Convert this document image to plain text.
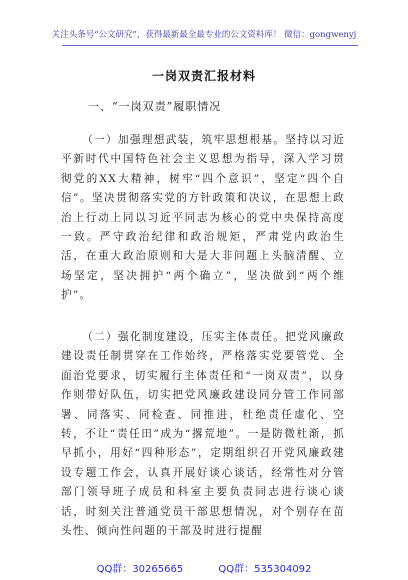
关注头条号“公文研究”，获得最新最全最专业的公文资料库！ 微信：gongwenyj
一岗双责汇报材料
一、“一岗双责”履职情况

（一）加强理想武装，筑牢思想根基。坚持以习近平新时代中国特色社会主义思想为指导，深入学习贯彻党的XX大精神，树牢“四个意识”，坚定“四个自信”。坚决贯彻落实党的方针政策和决议，在思想上政治上行动上同以习近平同志为核心的党中央保持高度一致。严守政治纪律和政治规矩，严肃党内政治生活，在重大政治原则和大是大非问题上头脑清醒、立场坚定，坚决拥护“两个确立”，坚决做到“两个维护”。

（二）强化制度建设，压实主体责任。把党风廉政建设责任制贯穿在工作始终，严格落实党要管党、全面治党要求，切实履行主体责任和“一岗双责”，以身作则带好队伍，切实把党风廉政建设同分管工作同部署、同落实、同检查、同推进，杜绝责任虚化、空转，不让“责任田”成为“撂荒地”。一是防微杜渐，抓早抓小，用好“四种形态”，定期组织召开党风廉政建设专题工作会，认真开展好谈心谈话，经常性对分管部门领导班子成员和科室主要负责同志进行谈心谈话，时刻关注普通党员干部思想情况，对个别存在苗头性、倾向性问题的干部及时进行提醒

QQ群：30265665	QQ群：535304092
